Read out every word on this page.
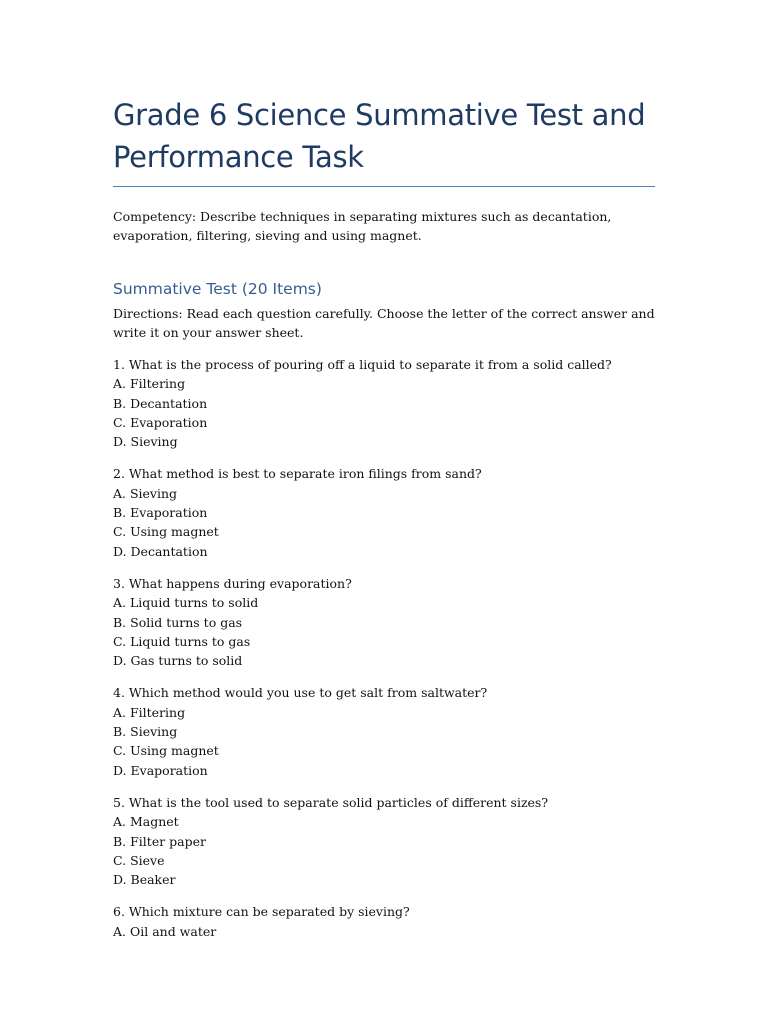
Grade 6 Science Summative Test and Performance Task

Competency: Describe techniques in separating mixtures such as decantation, evaporation, filtering, sieving and using magnet.

Summative Test (20 Items)

Directions: Read each question carefully. Choose the letter of the correct answer and write it on your answer sheet.

1. What is the process of pouring off a liquid to separate it from a solid called?
A. Filtering
B. Decantation
C. Evaporation
D. Sieving
2. What method is best to separate iron filings from sand?
A. Sieving
B. Evaporation
C. Using magnet
D. Decantation
3. What happens during evaporation?
A. Liquid turns to solid
B. Solid turns to gas
C. Liquid turns to gas
D. Gas turns to solid
4. Which method would you use to get salt from saltwater?
A. Filtering
B. Sieving
C. Using magnet
D. Evaporation
5. What is the tool used to separate solid particles of different sizes?
A. Magnet
B. Filter paper
C. Sieve
D. Beaker
6. Which mixture can be separated by sieving?
A. Oil and water
